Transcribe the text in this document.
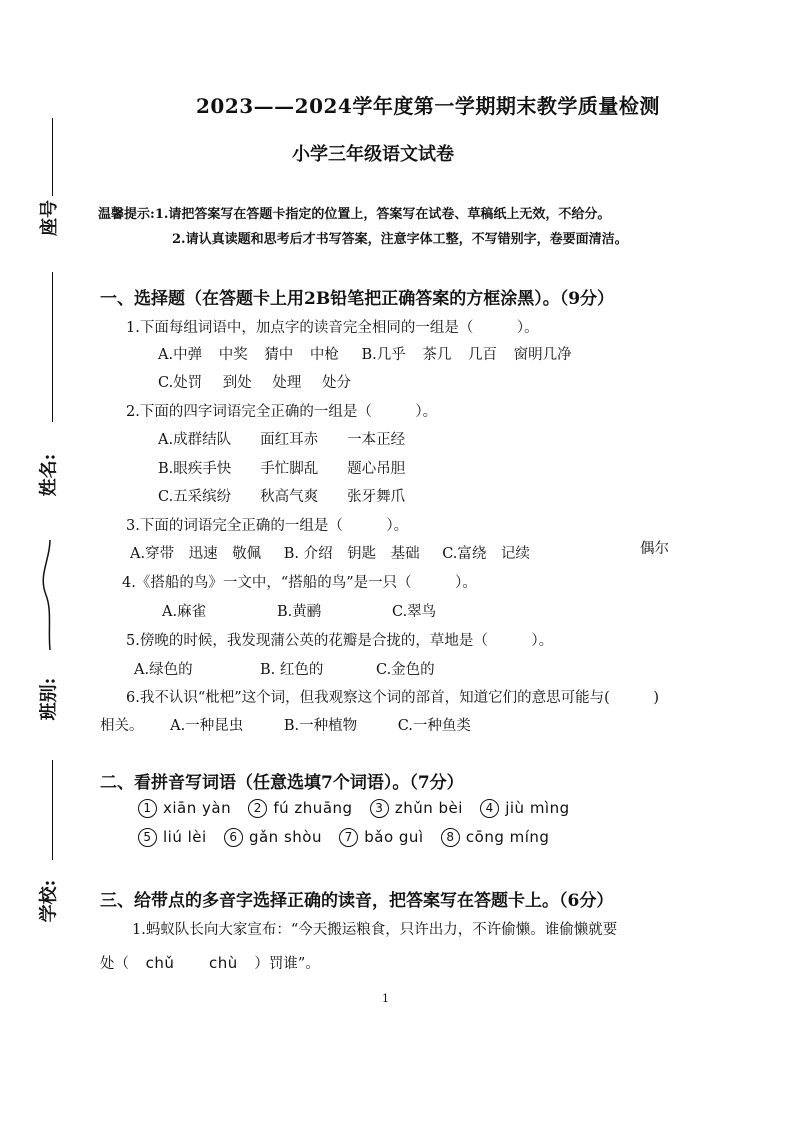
座号
姓名:
班别:
学校:
2023——2024学年度第一学期期末教学质量检测
小学三年级语文试卷
温馨提示:1.请把答案写在答题卡指定的位置上，答案写在试卷、草稿纸上无效，不给分。
2.请认真读题和思考后才书写答案，注意字体工整，不写错别字，卷要面清洁。
一、选择题（在答题卡上用2B铅笔把正确答案的方框涂黑）。（9分）
1.下面每组词语中，加点字的读音完全相同的一组是（　　　）。
A.中弹 中奖 猜中 中枪 B.几乎 茶几 几百 窗明几净
C.处罚 到处 处理 处分
2.下面的四字词语完全正确的一组是（　　　）。
A.成群结队　　面红耳赤　　一本正经
B.眼疾手快　　手忙脚乱　　题心吊胆
C.五采缤纷　　秋高气爽　　张牙舞爪
3.下面的词语完全正确的一组是（　　　）。
A.穿带　迅速　敬佩 B. 介绍　钥匙　基础 C.富绕　记续	偶尔
4.《搭船的鸟》一文中，“搭船的鸟”是一只（　　　）。
A.麻雀	B.黄鹂	C.翠鸟
5.傍晚的时候，我发现蒲公英的花瓣是合拢的，草地是（　　　）。
A.绿色的	B. 红色的	C.金色的
6.我不认识“枇杷”这个词，但我观察这个词的部首，知道它们的意思可能与(　　　)
相关。 A.一种昆虫	B.一种植物	C.一种鱼类
二、看拼音写词语（任意选填7个词语）。（7分）
1 xiān yàn 2 fú zhuāng 3 zhǔn bèi 4 jiù mìng
5 liú lèi 6 gǎn shòu 7 bǎo guì 8 cōng míng
三、给带点的多音字选择正确的读音，把答案写在答题卡上。（6分）
1.蚂蚁队长向大家宣布：“今天搬运粮食，只许出力，不许偷懒。谁偷懒就要
处（ chǔ chù ）罚谁”。
1
